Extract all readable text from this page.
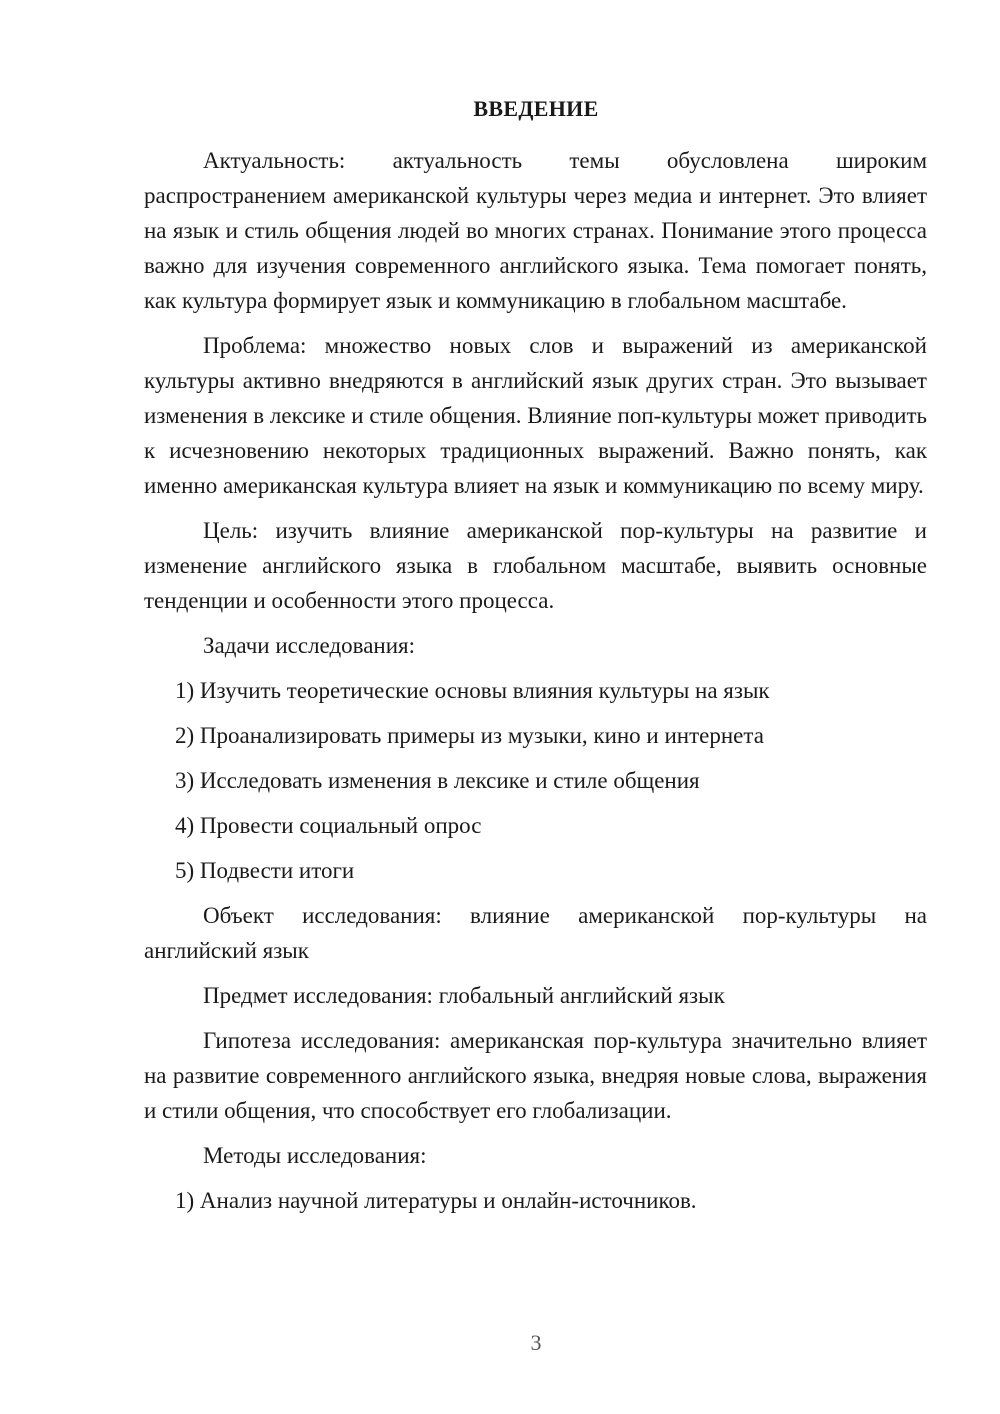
ВВЕДЕНИЕ

Актуальность: актуальность темы обусловлена широким распространением американской культуры через медиа и интернет. Это влияет на язык и стиль общения людей во многих странах. Понимание этого процесса важно для изучения современного английского языка. Тема помогает понять, как культура формирует язык и коммуникацию в глобальном масштабе.

Проблема: множество новых слов и выражений из американской культуры активно внедряются в английский язык других стран. Это вызывает изменения в лексике и стиле общения. Влияние поп-культуры может приводить к исчезновению некоторых традиционных выражений. Важно понять, как именно американская культура влияет на язык и коммуникацию по всему миру.

Цель: изучить влияние американской пор-культуры на развитие и изменение английского языка в глобальном масштабе, выявить основные тенденции и особенности этого процесса.

Задачи исследования:

1) Изучить теоретические основы влияния культуры на язык

2) Проанализировать примеры из музыки, кино и интернета

3) Исследовать изменения в лексике и стиле общения

4) Провести социальный опрос

5) Подвести итоги

Объект исследования: влияние американской пор-культуры на английский язык

Предмет исследования: глобальный английский язык

Гипотеза исследования: американская пор-культура значительно влияет на развитие современного английского языка, внедряя новые слова, выражения и стили общения, что способствует его глобализации.

Методы исследования:

1) Анализ научной литературы и онлайн-источников.

3
